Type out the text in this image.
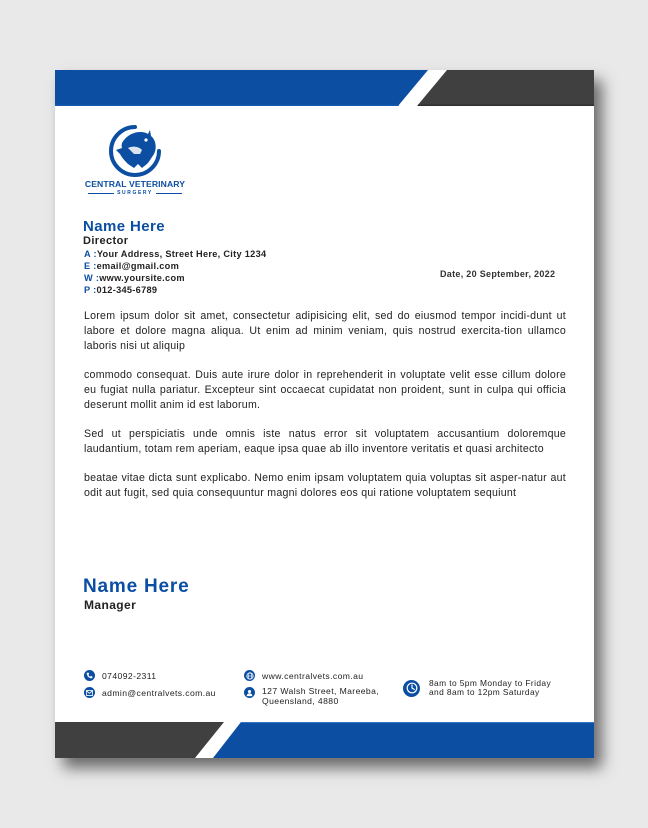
CENTRAL VETERINARY
SURGERY
Name Here
Director
A :Your Address, Street Here, City 1234
E :email@gmail.com
W :www.yoursite.com
P :012-345-6789
Date, 20 September, 2022

Lorem ipsum dolor sit amet, consectetur adipisicing elit, sed do eiusmod tempor incidi-dunt ut labore et dolore magna aliqua. Ut enim ad minim veniam, quis nostrud exercita-tion ullamco laboris nisi ut aliquip

commodo consequat. Duis aute irure dolor in reprehenderit in voluptate velit esse cillum dolore eu fugiat nulla pariatur. Excepteur sint occaecat cupidatat non proident, sunt in culpa qui officia deserunt mollit anim id est laborum.

Sed ut perspiciatis unde omnis iste natus error sit voluptatem accusantium doloremque laudantium, totam rem aperiam, eaque ipsa quae ab illo inventore veritatis et quasi architecto

beatae vitae dicta sunt explicabo. Nemo enim ipsam voluptatem quia voluptas sit asper-natur aut odit aut fugit, sed quia consequuntur magni dolores eos qui ratione voluptatem sequiunt

Name Here
Manager
074092-2311
admin@centralvets.com.au
www.centralvets.com.au
127 Walsh Street, Mareeba,
Queensland, 4880
8am to 5pm Monday to Friday
and 8am to 12pm Saturday
